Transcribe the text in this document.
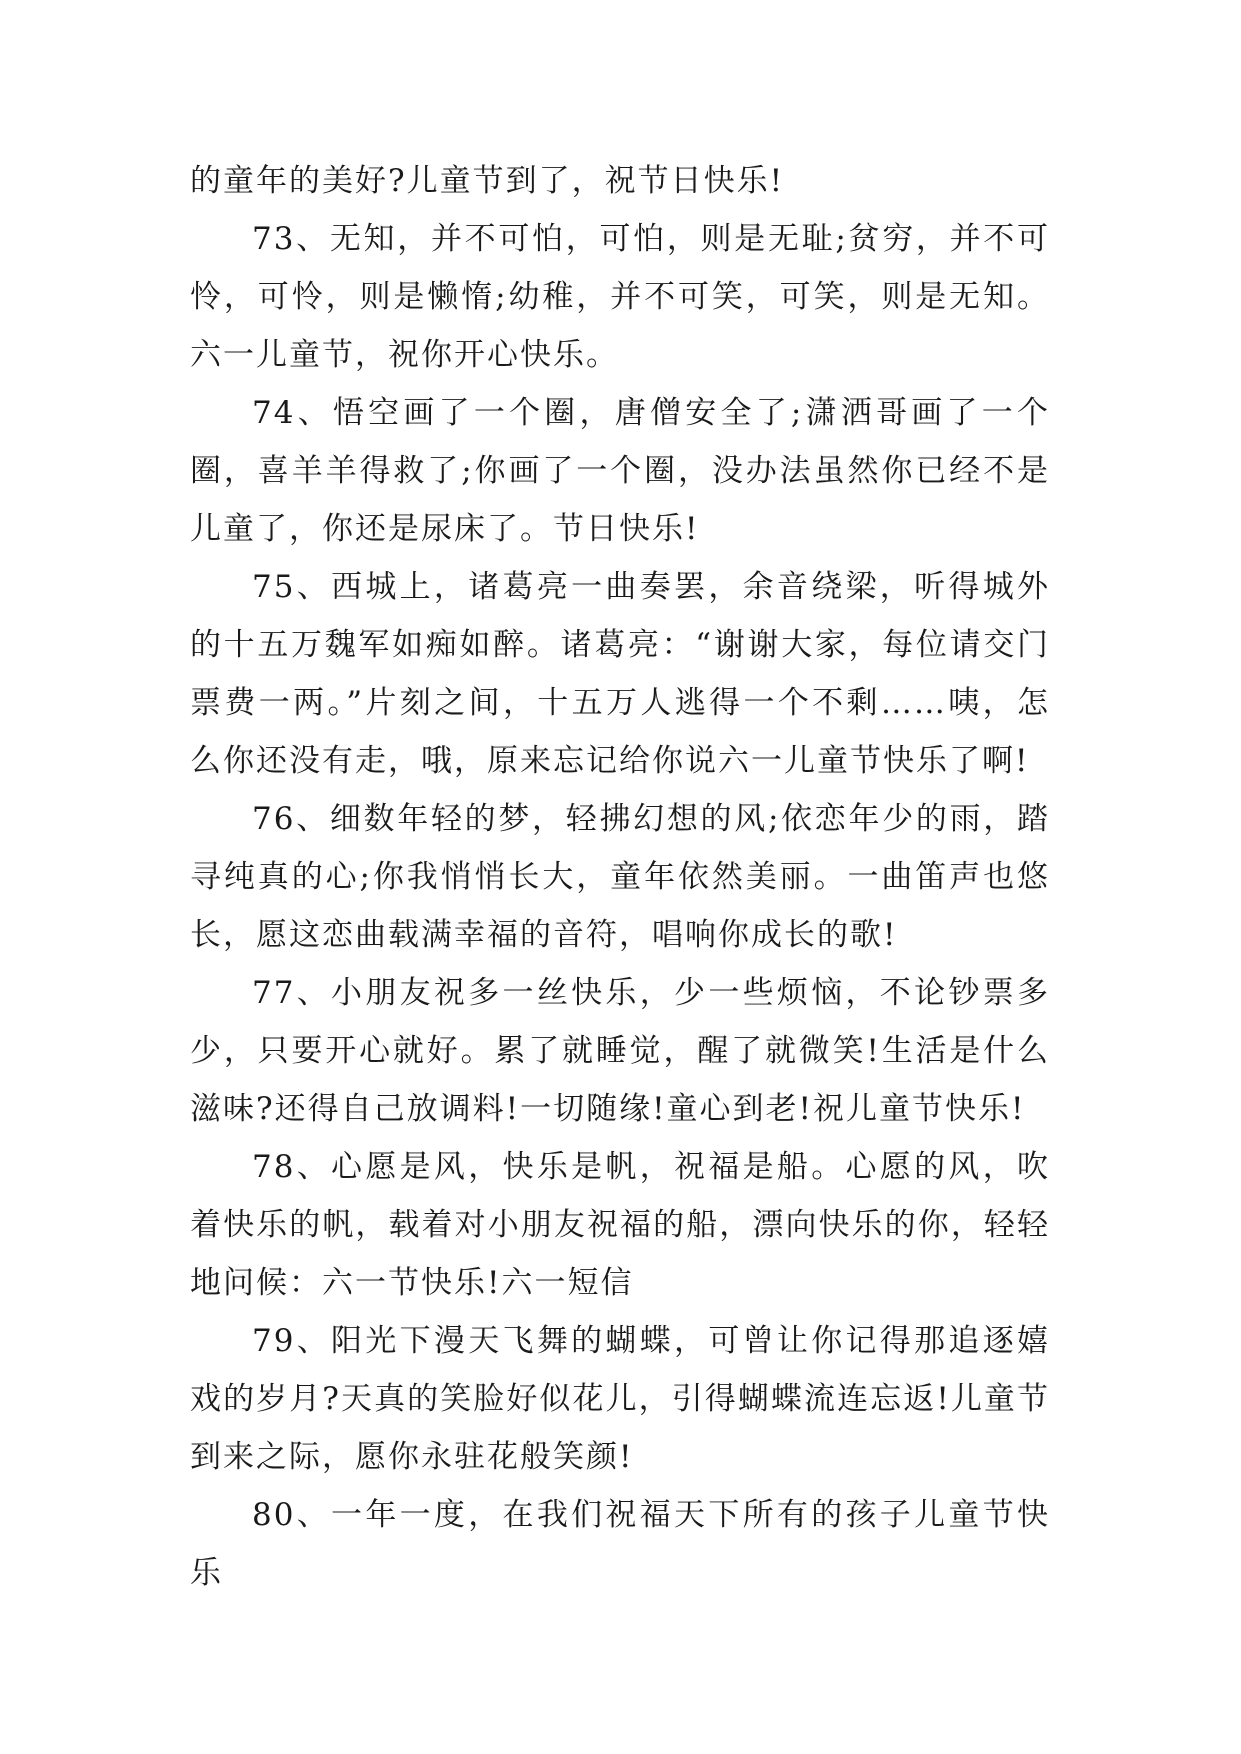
的童年的美好?儿童节到了，祝节日快乐!

73、无知，并不可怕，可怕，则是无耻;贫穷，并不可怜，可怜，则是懒惰;幼稚，并不可笑，可笑，则是无知。六一儿童节，祝你开心快乐。

74、悟空画了一个圈，唐僧安全了;潇洒哥画了一个圈，喜羊羊得救了;你画了一个圈，没办法虽然你已经不是儿童了，你还是尿床了。节日快乐!

75、西城上，诸葛亮一曲奏罢，余音绕梁，听得城外的十五万魏军如痴如醉。诸葛亮：“谢谢大家，每位请交门票费一两。”片刻之间，十五万人逃得一个不剩……咦，怎么你还没有走，哦，原来忘记给你说六一儿童节快乐了啊!

76、细数年轻的梦，轻拂幻想的风;依恋年少的雨，踏寻纯真的心;你我悄悄长大，童年依然美丽。一曲笛声也悠长，愿这恋曲载满幸福的音符，唱响你成长的歌!

77、小朋友祝多一丝快乐，少一些烦恼，不论钞票多少，只要开心就好。累了就睡觉，醒了就微笑!生活是什么滋味?还得自己放调料!一切随缘!童心到老!祝儿童节快乐!

78、心愿是风，快乐是帆，祝福是船。心愿的风，吹着快乐的帆，载着对小朋友祝福的船，漂向快乐的你，轻轻地问候：六一节快乐!六一短信

79、阳光下漫天飞舞的蝴蝶，可曾让你记得那追逐嬉戏的岁月?天真的笑脸好似花儿，引得蝴蝶流连忘返!儿童节到来之际，愿你永驻花般笑颜!

80、一年一度，在我们祝福天下所有的孩子儿童节快乐
